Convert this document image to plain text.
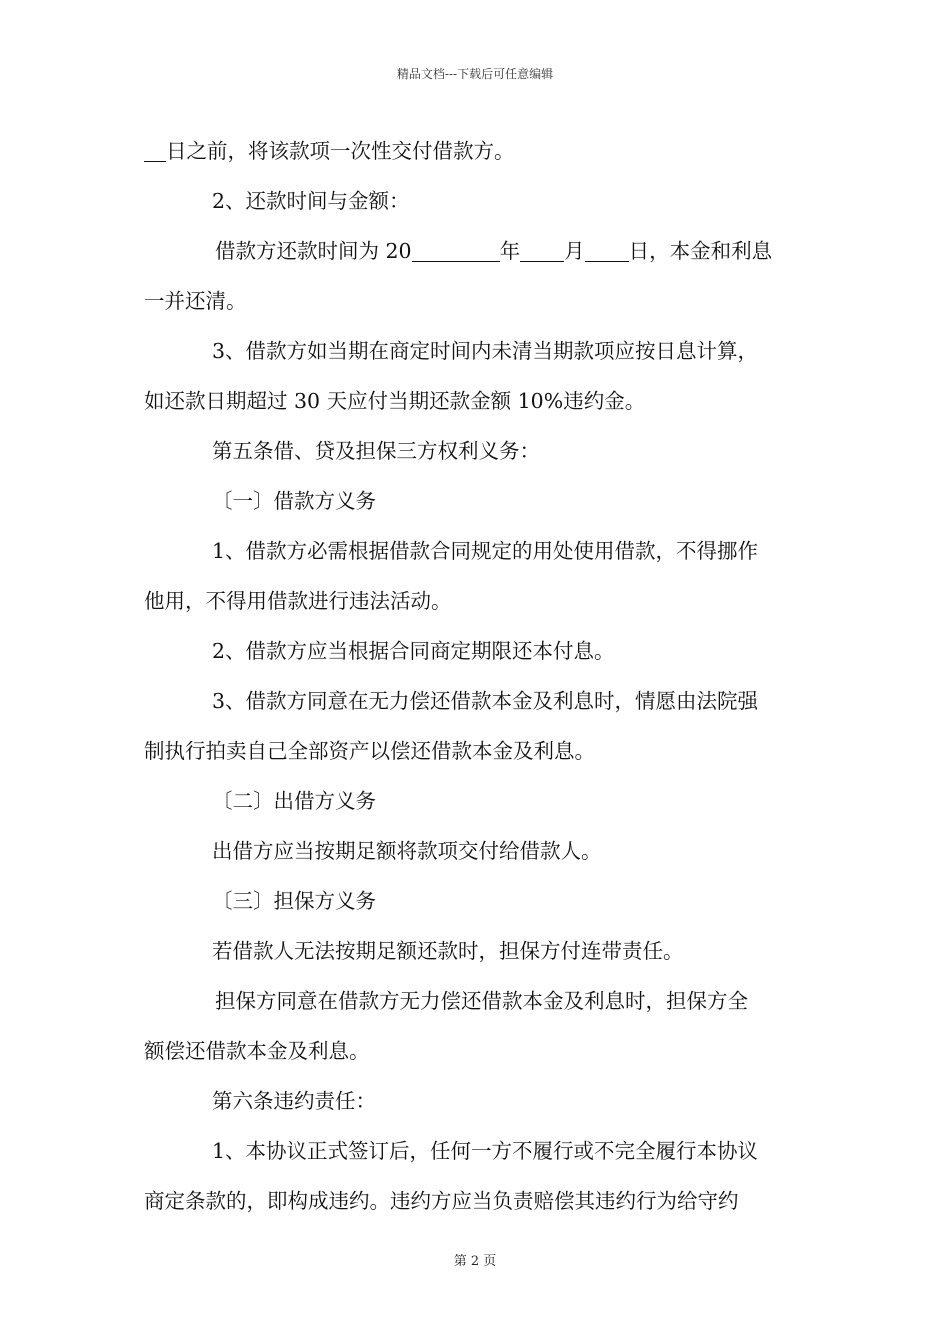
精品文档---下载后可任意编辑

日之前，将该款项一次性交付借款方。

2、还款时间与金额：

借款方还款时间为 20	年 月 日，本金和利息

一并还清。

3、借款方如当期在商定时间内未清当期款项应按日息计算，

如还款日期超过 30 天应付当期还款金额 10%违约金。

第五条借、贷及担保三方权利义务：

〔一〕借款方义务

1、借款方必需根据借款合同规定的用处使用借款，不得挪作

他用，不得用借款进行违法活动。

2、借款方应当根据合同商定期限还本付息。

3、借款方同意在无力偿还借款本金及利息时，情愿由法院强

制执行拍卖自己全部资产以偿还借款本金及利息。

〔二〕出借方义务

出借方应当按期足额将款项交付给借款人。

〔三〕担保方义务

若借款人无法按期足额还款时，担保方付连带责任。

担保方同意在借款方无力偿还借款本金及利息时，担保方全

额偿还借款本金及利息。

第六条违约责任：

1、本协议正式签订后，任何一方不履行或不完全履行本协议

商定条款的，即构成违约。违约方应当负责赔偿其违约行为给守约

第 2 页
